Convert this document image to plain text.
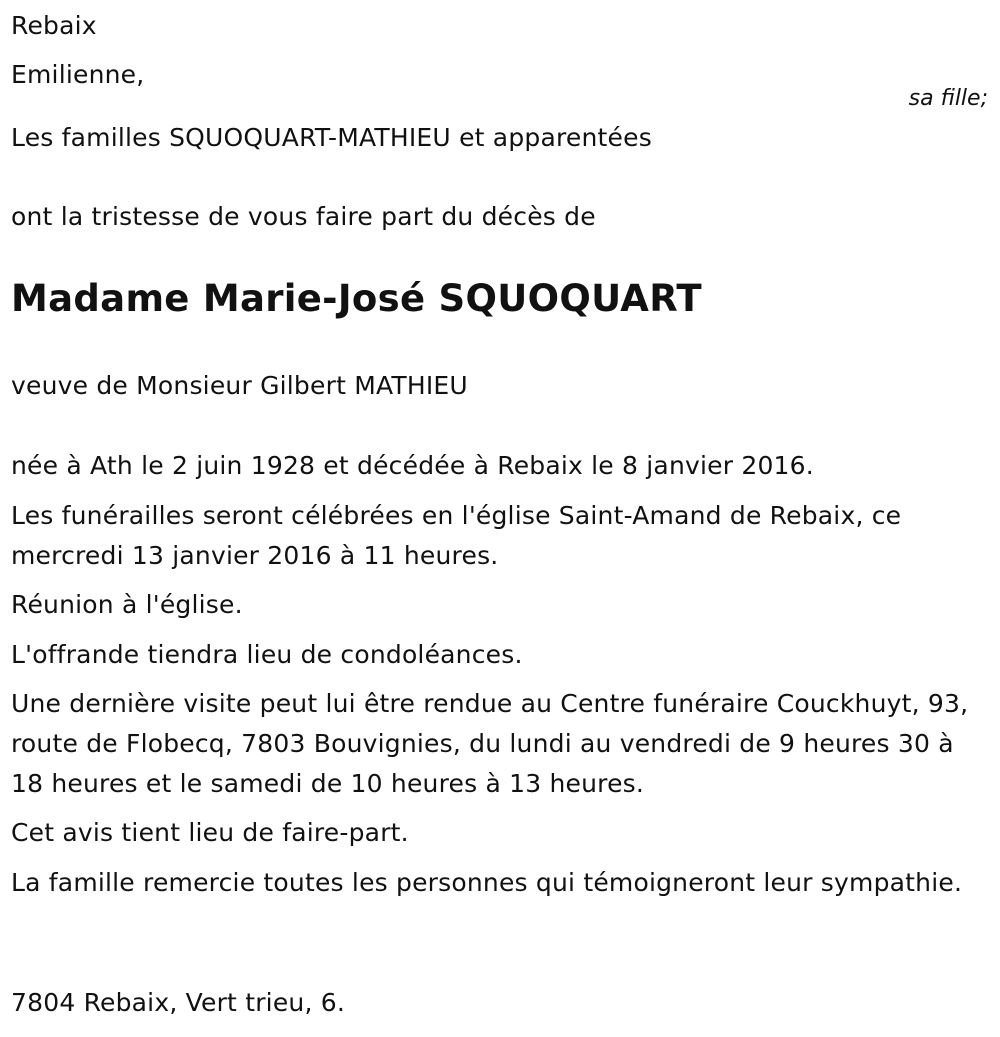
Rebaix
Emilienne,
sa fille;
Les familles SQUOQUART-MATHIEU et apparentées
ont la tristesse de vous faire part du décès de
Madame Marie-José SQUOQUART
veuve de Monsieur Gilbert MATHIEU
née à Ath le 2 juin 1928 et décédée à Rebaix le 8 janvier 2016.
Les funérailles seront célébrées en l'église Saint-Amand de Rebaix, ce mercredi 13 janvier 2016 à 11 heures.
Réunion à l'église.
L'offrande tiendra lieu de condoléances.
Une dernière visite peut lui être rendue au Centre funéraire Couckhuyt, 93, route de Flobecq, 7803 Bouvignies, du lundi au vendredi de 9 heures 30 à 18 heures et le samedi de 10 heures à 13 heures.
Cet avis tient lieu de faire-part.
La famille remercie toutes les personnes qui témoigneront leur sympathie.
7804 Rebaix, Vert trieu, 6.
